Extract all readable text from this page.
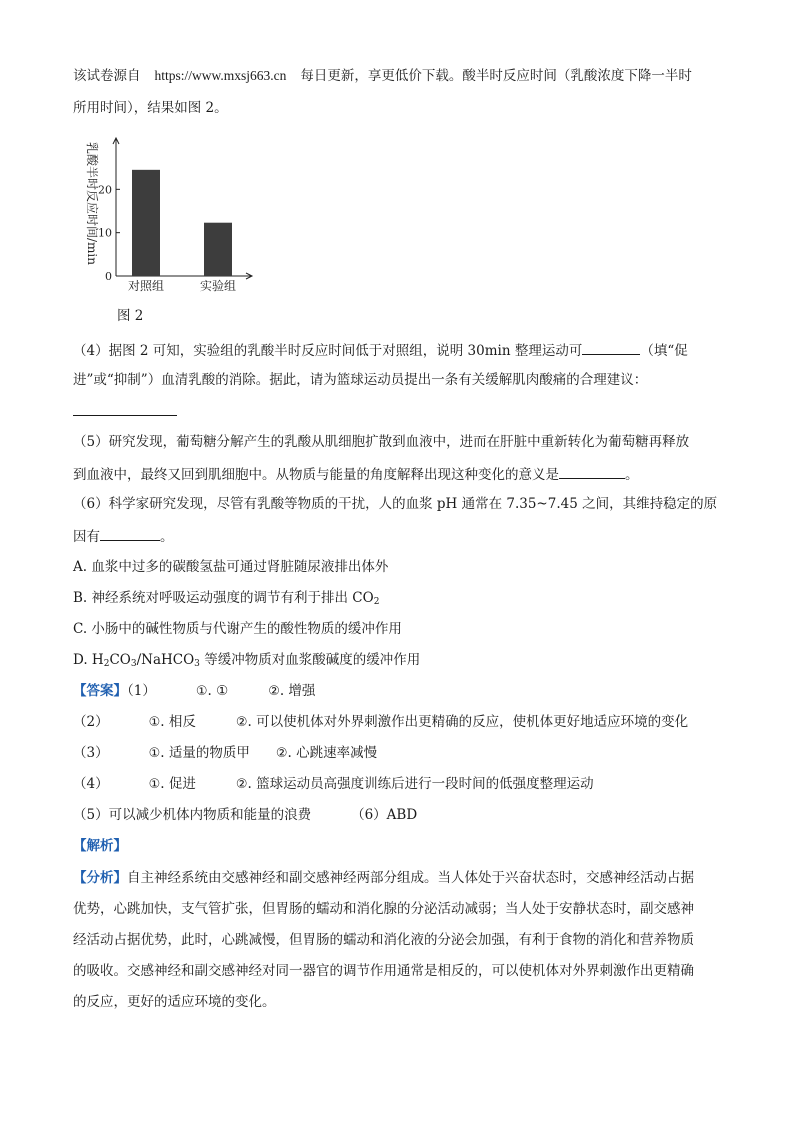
该试卷源自 https://www.mxsj663.cn 每日更新，享更低价下载。酸半时反应时间（乳酸浓度下降一半时
所用时间），结果如图 2。
0
10
20
对照组	实验组
乳酸半时反应时间/min
图 2
（4）据图 2 可知，实验组的乳酸半时反应时间低于对照组，说明 30min 整理运动可	（填“促
进”或“抑制”）血清乳酸的消除。据此，请为篮球运动员提出一条有关缓解肌肉酸痛的合理建议：
（5）研究发现，葡萄糖分解产生的乳酸从肌细胞扩散到血液中，进而在肝脏中重新转化为葡萄糖再释放
到血液中，最终又回到肌细胞中。从物质与能量的角度解释出现这种变化的意义是	。
（6）科学家研究发现，尽管有乳酸等物质的干扰，人的血浆 pH 通常在 7.35~7.45 之间，其维持稳定的原
因有	。
A. 血浆中过多的碳酸氢盐可通过肾脏随尿液排出体外
B. 神经系统对呼吸运动强度的调节有利于排出 $CO_2$
C. 小肠中的碱性物质与代谢产生的酸性物质的缓冲作用
D. $H_2CO_3/NaHCO_3$ 等缓冲物质对血浆酸碱度的缓冲作用
【答案】（1）	①. ①	②. 增强
（2）	①. 相反	②. 可以使机体对外界刺激作出更精确的反应，使机体更好地适应环境的变化
（3）	①. 适量的物质甲 ②. 心跳速率减慢
（4）	①. 促进	②. 篮球运动员高强度训练后进行一段时间的低强度整理运动
（5）可以减少机体内物质和能量的浪费	（6）ABD
【解析】
【分析】自主神经系统由交感神经和副交感神经两部分组成。当人体处于兴奋状态时，交感神经活动占据
优势，心跳加快，支气管扩张，但胃肠的蠕动和消化腺的分泌活动减弱；当人处于安静状态时，副交感神
经活动占据优势，此时，心跳减慢，但胃肠的蠕动和消化液的分泌会加强，有利于食物的消化和营养物质
的吸收。交感神经和副交感神经对同一器官的调节作用通常是相反的，可以使机体对外界刺激作出更精确
的反应，更好的适应环境的变化。
